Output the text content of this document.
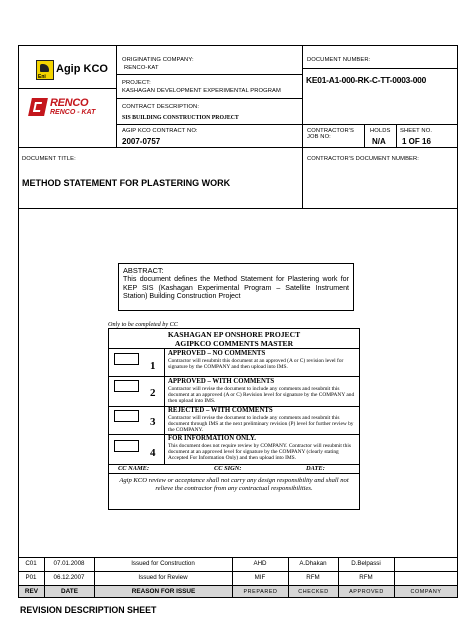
Eni
Agip KCO
RENCO
RENCO - KAT
ORIGINATING COMPANY:
RENCO-KAT
PROJECT:
KASHAGAN DEVELOPMENT EXPERIMENTAL PROGRAM
CONTRACT DESCRIPTION:
SIS BUILDING CONSTRUCTION PROJECT
AGIP KCO CONTRACT NO:
2007-0757
DOCUMENT NUMBER:
KE01-A1-000-RK-C-TT-0003-000
CONTRACTOR'S JOB NO:
HOLDS
N/A
SHEET NO.
1 OF 16
DOCUMENT TITLE:	CONTRACTOR'S DOCUMENT NUMBER:
METHOD STATEMENT FOR PLASTERING WORK
ABSTRACT:
This document defines the Method Statement for Plastering work for KEP SIS (Kashagan Experimental Program – Satellite Instrument Station) Building Construction Project
Only to be completed by CC
KASHAGAN EP ONSHORE PROJECT
AGIPKCO COMMENTS MASTER
1
APPROVED – NO COMMENTS
Contractor will resubmit this document at an approved (A or C) revision level for signature by the COMPANY and then upload into IMS.
2
APPROVED – WITH COMMENTS
Contractor will revise the document to include any comments and resubmit this document at an approved (A or C) Revision level for signature by the COMPANY and then upload into IMS.
3
REJECTED – WITH COMMENTS
Contractor will revise the document to include any comments and resubmit this document through IMS at the next preliminary revision (P) level for further review by the COMPANY.
4
FOR INFORMATION ONLY.
This document does not require review by COMPANY. Contractor will resubmit this document at an approved level for signature by the COMPANY (clearly stating Accepted For Information Only) and then upload into IMS.
CC NAME:	CC SIGN:	DATE:
Agip KCO review or acceptance shall not carry any design responsibility and shall not relieve the contractor from any contractual responsibilities.
C01	07.01.2008	Issued for Construction	AHD	A.Dhakan	D.Belpassi
P01	06.12.2007	Issued for Review	MIF	RFM	RFM
REV	DATE	REASON FOR ISSUE	PREPARED	CHECKED	APPROVED	COMPANY
REVISION DESCRIPTION SHEET
